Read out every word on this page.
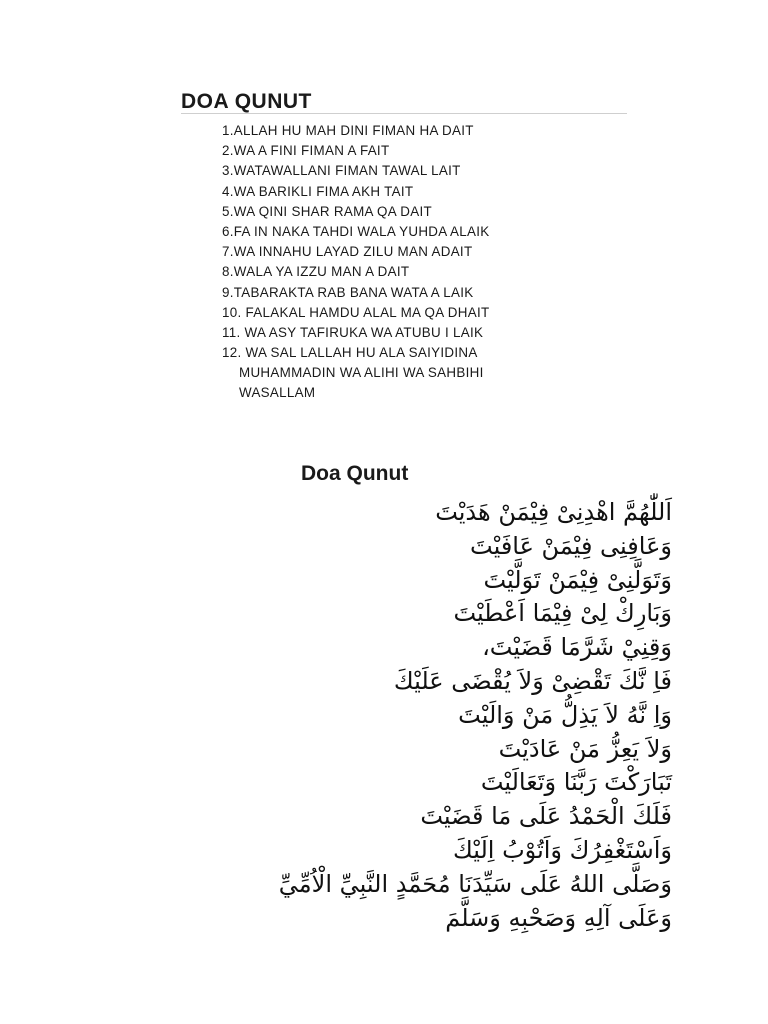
DOA QUNUT
1.ALLAH HU MAH DINI FIMAN HA DAIT
2.WA A FINI FIMAN A FAIT
3.WATAWALLANI FIMAN TAWAL LAIT
4.WA BARIKLI FIMA AKH TAIT
5.WA QINI SHAR RAMA QA DAIT
6.FA IN NAKA TAHDI WALA YUHDA ALAIK
7.WA INNAHU LAYAD ZILU MAN ADAIT
8.WALA YA IZZU MAN A DAIT
9.TABARAKTA RAB BANA WATA A LAIK
10. FALAKAL HAMDU ALAL MA QA DHAIT
11. WA ASY TAFIRUKA WA ATUBU I LAIK
12. WA SAL LALLAH HU ALA SAIYIDINA
MUHAMMADIN WA ALIHI WA SAHBIHI
WASALLAM
Doa Qunut
اَللّٰهُمَّ اهْدِنِىْ فِيْمَنْ هَدَيْتَ
وَعَافِنِى فِيْمَنْ عَافَيْتَ
وَتَوَلَّنِىْ فِيْمَنْ تَوَلَّيْتَ
وَبَارِكْ لِىْ فِيْمَا اَعْطَيْتَ
وَقِنِيْ شَرَّمَا قَضَيْتَ،
فَاِ نَّكَ تَقْضِىْ وَلاَ يُقْضَى عَلَيْكَ
وَاِ نَّهُ لاَ يَذِلُّ مَنْ وَالَيْتَ
وَلاَ يَعِزُّ مَنْ عَادَيْتَ
تَبَارَكْتَ رَبَّنَا وَتَعَالَيْتَ
فَلَكَ الْحَمْدُ عَلَى مَا قَضَيْتَ
وَاَسْتَغْفِرُكَ وَاَتُوْبُ اِلَيْكَ
وَصَلَّى اللهُ عَلَى سَيِّدَنَا مُحَمَّدٍ النَّبِيِّ الْاُمِّيِّ
وَعَلَى آلِهِ وَصَحْبِهِ وَسَلَّمَ
